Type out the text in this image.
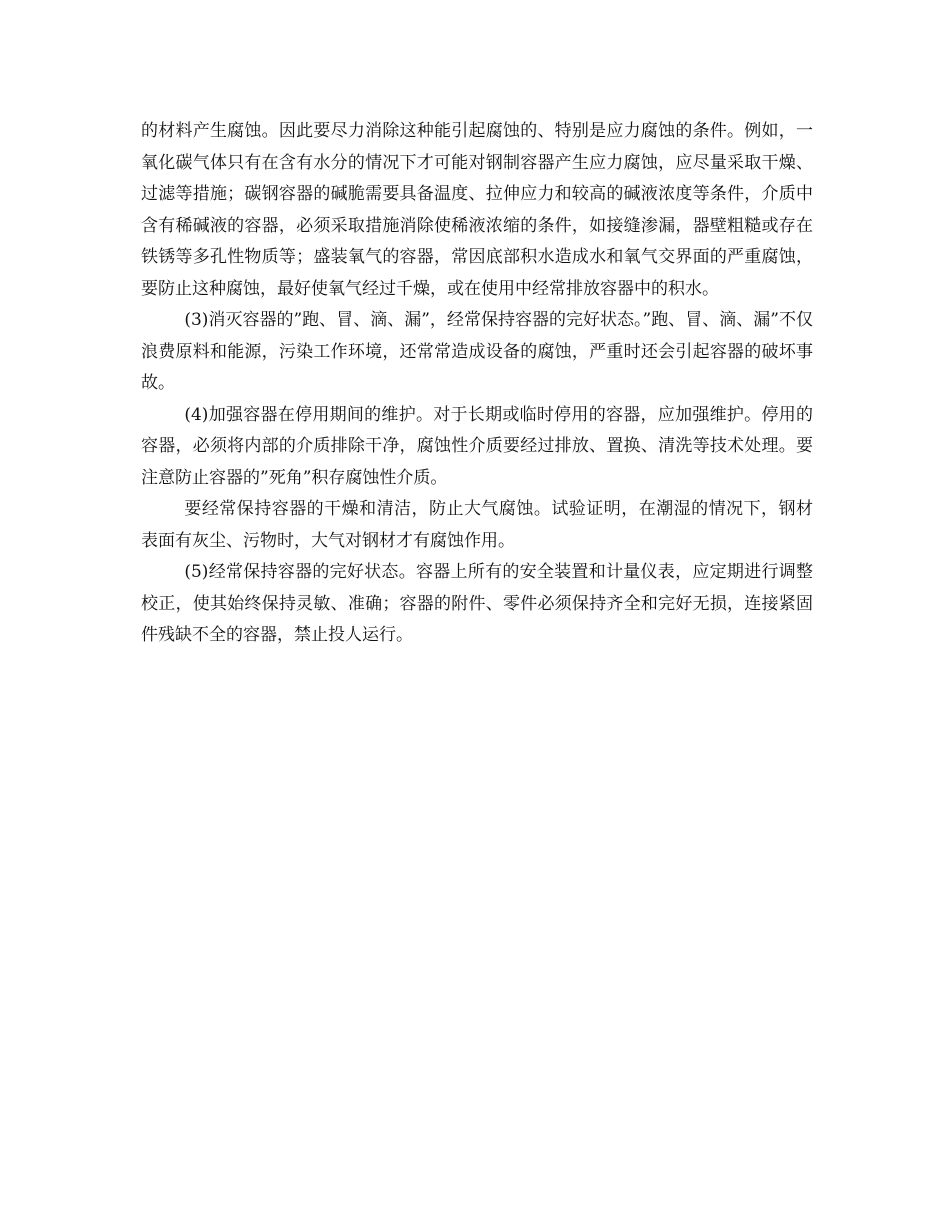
的材料产生腐蚀。因此要尽力消除这种能引起腐蚀的、特别是应力腐蚀的条件。例如，一氧化碳气体只有在含有水分的情况下才可能对钢制容器产生应力腐蚀，应尽量采取干燥、过滤等措施；碳钢容器的碱脆需要具备温度、拉伸应力和较高的碱液浓度等条件，介质中含有稀碱液的容器，必须采取措施消除使稀液浓缩的条件，如接缝渗漏，器壁粗糙或存在铁锈等多孔性物质等；盛装氧气的容器，常因底部积水造成水和氧气交界面的严重腐蚀，要防止这种腐蚀，最好使氧气经过千燥，或在使用中经常排放容器中的积水。

(3)消灭容器的”跑、冒、滴、漏”，经常保持容器的完好状态。”跑、冒、滴、漏”不仅浪费原料和能源，污染工作环境，还常常造成设备的腐蚀，严重时还会引起容器的破坏事故。

(4)加强容器在停用期间的维护。对于长期或临时停用的容器，应加强维护。停用的容器，必须将内部的介质排除干净，腐蚀性介质要经过排放、置换、清洗等技术处理。要注意防止容器的”死角”积存腐蚀性介质。

要经常保持容器的干燥和清洁，防止大气腐蚀。试验证明，在潮湿的情况下，钢材表面有灰尘、污物时，大气对钢材才有腐蚀作用。

(5)经常保持容器的完好状态。容器上所有的安全装置和计量仪表，应定期进行调整校正，使其始终保持灵敏、准确；容器的附件、零件必须保持齐全和完好无损，连接紧固件残缺不全的容器，禁止投人运行。
